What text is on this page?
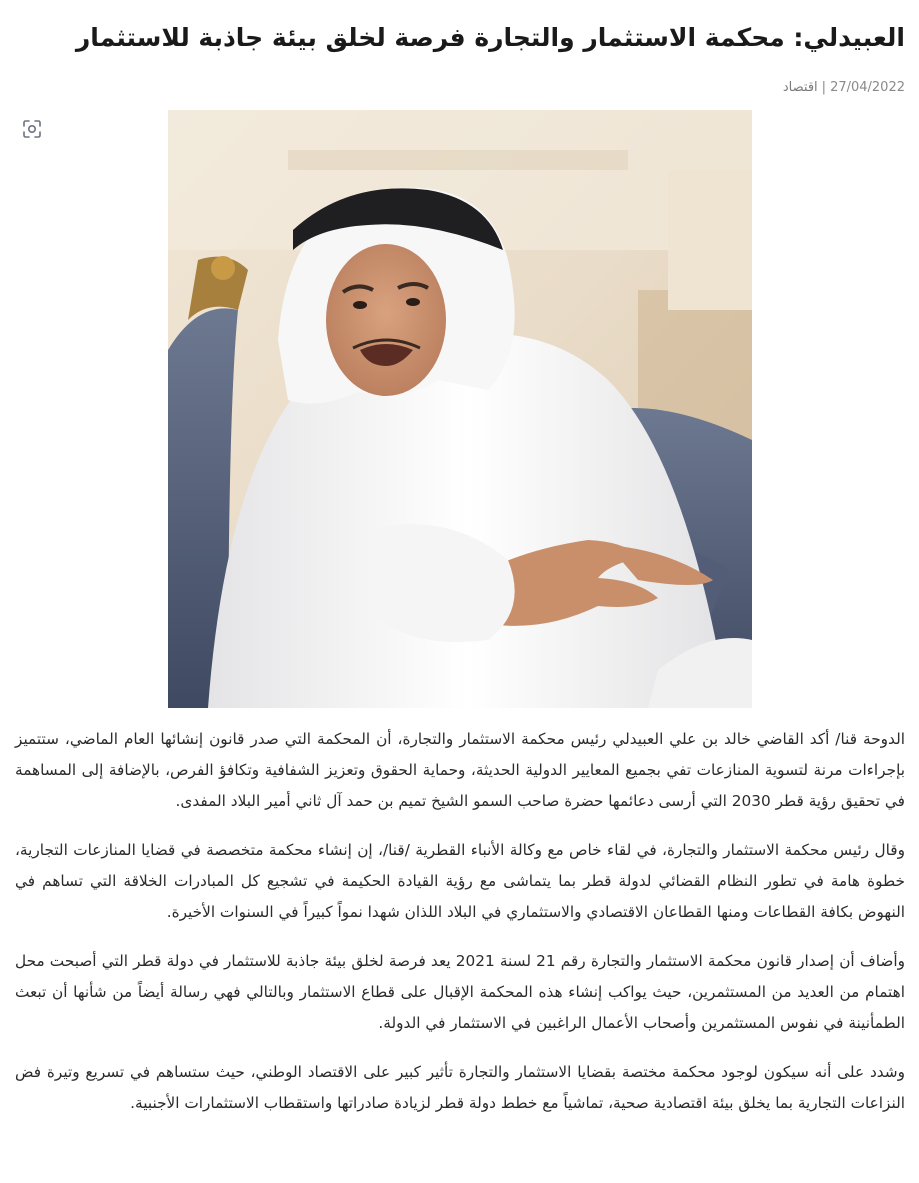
العبيدلي: محكمة الاستثمار والتجارة فرصة لخلق بيئة جاذبة للاستثمار
27/04/2022|اقتصاد

الدوحة قنا/ أكد القاضي خالد بن علي العبيدلي رئيس محكمة الاستثمار والتجارة، أن المحكمة التي صدر قانون إنشائها العام الماضي، ستتميز بإجراءات مرنة لتسوية المنازعات تفي بجميع المعايير الدولية الحديثة، وحماية الحقوق وتعزيز الشفافية وتكافؤ الفرص، بالإضافة إلى المساهمة في تحقيق رؤية قطر 2030 التي أرسى دعائمها حضرة صاحب السمو الشيخ تميم بن حمد آل ثاني أمير البلاد المفدى.

وقال رئيس محكمة الاستثمار والتجارة، في لقاء خاص مع وكالة الأنباء القطرية /قنا/، إن إنشاء محكمة متخصصة في قضايا المنازعات التجارية، خطوة هامة في تطور النظام القضائي لدولة قطر بما يتماشى مع رؤية القيادة الحكيمة في تشجيع كل المبادرات الخلاقة التي تساهم في النهوض بكافة القطاعات ومنها القطاعان الاقتصادي والاستثماري في البلاد اللذان شهدا نمواً كبيراً في السنوات الأخيرة.

وأضاف أن إصدار قانون محكمة الاستثمار والتجارة رقم 21 لسنة 2021 يعد فرصة لخلق بيئة جاذبة للاستثمار في دولة قطر التي أصبحت محل اهتمام من العديد من المستثمرين، حيث يواكب إنشاء هذه المحكمة الإقبال على قطاع الاستثمار وبالتالي فهي رسالة أيضاً من شأنها أن تبعث الطمأنينة في نفوس المستثمرين وأصحاب الأعمال الراغبين في الاستثمار في الدولة.

وشدد على أنه سيكون لوجود محكمة مختصة بقضايا الاستثمار والتجارة تأثير كبير على الاقتصاد الوطني، حيث ستساهم في تسريع وتيرة فض النزاعات التجارية بما يخلق بيئة اقتصادية صحية، تماشياً مع خطط دولة قطر لزيادة صادراتها واستقطاب الاستثمارات الأجنبية.
